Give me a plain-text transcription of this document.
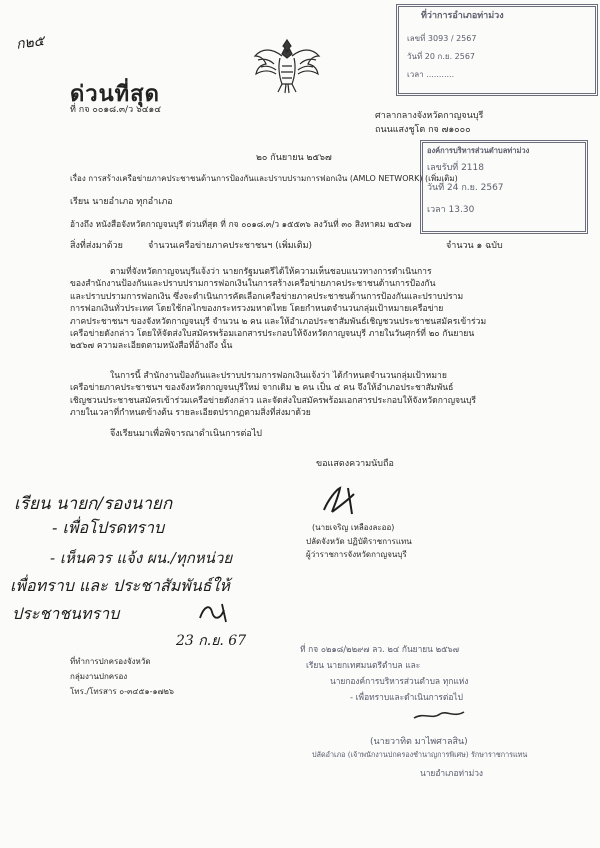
ก๒๕
ด่วนที่สุด
ที่ กจ ๐๐๑๘.๓/ว ๖๔๑๔
ที่ว่าการอำเภอท่าม่วง
เลขที่ 3093 / 2567
วันที่ 20 ก.ย. 2567
เวลา ...........
ศาลากลางจังหวัดกาญจนบุรี
ถนนแสงชูโต กจ ๗๑๐๐๐
องค์การบริหารส่วนตำบลท่าม่วง
เลขรับที่ 2118
วันที่ 24 ก.ย. 2567
เวลา 13.30
๒๐ กันยายน ๒๕๖๗
เรื่อง การสร้างเครือข่ายภาคประชาชนด้านการป้องกันและปราบปรามการฟอกเงิน (AMLO NETWORK) (เพิ่มเติม)
เรียน นายอำเภอ ทุกอำเภอ
อ้างถึง หนังสือจังหวัดกาญจนบุรี ด่วนที่สุด ที่ กจ ๐๐๑๘.๓/ว ๑๕๕๓๖ ลงวันที่ ๓๐ สิงหาคม ๒๕๖๗
สิ่งที่ส่งมาด้วย	จำนวนเครือข่ายภาคประชาชนฯ (เพิ่มเติม)	จำนวน ๑ ฉบับ
ตามที่จังหวัดกาญจนบุรีแจ้งว่า นายกรัฐมนตรีได้ให้ความเห็นชอบแนวทางการดำเนินการ
ของสำนักงานป้องกันและปราบปรามการฟอกเงินในการสร้างเครือข่ายภาคประชาชนด้านการป้องกัน
และปราบปรามการฟอกเงิน ซึ่งจะดำเนินการคัดเลือกเครือข่ายภาคประชาชนด้านการป้องกันและปราบปราม
การฟอกเงินทั่วประเทศ โดยใช้กลไกของกระทรวงมหาดไทย โดยกำหนดจำนวนกลุ่มเป้าหมายเครือข่าย
ภาคประชาชนฯ ของจังหวัดกาญจนบุรี จำนวน ๒ คน และให้อำเภอประชาสัมพันธ์เชิญชวนประชาชนสมัครเข้าร่วม
เครือข่ายดังกล่าว โดยให้จัดส่งใบสมัครพร้อมเอกสารประกอบให้จังหวัดกาญจนบุรี ภายในวันศุกร์ที่ ๒๐ กันยายน
๒๕๖๗ ความละเอียดตามหนังสือที่อ้างถึง นั้น
ในการนี้ สำนักงานป้องกันและปราบปรามการฟอกเงินแจ้งว่า ได้กำหนดจำนวนกลุ่มเป้าหมาย
เครือข่ายภาคประชาชนฯ ของจังหวัดกาญจนบุรีใหม่ จากเดิม ๒ คน เป็น ๔ คน จึงให้อำเภอประชาสัมพันธ์
เชิญชวนประชาชนสมัครเข้าร่วมเครือข่ายดังกล่าว และจัดส่งใบสมัครพร้อมเอกสารประกอบให้จังหวัดกาญจนบุรี
ภายในเวลาที่กำหนดข้างต้น รายละเอียดปรากฏตามสิ่งที่ส่งมาด้วย
จึงเรียนมาเพื่อพิจารณาดำเนินการต่อไป
ขอแสดงความนับถือ
(นายเจริญ เหลืองละออ)
ปลัดจังหวัด ปฏิบัติราชการแทน
ผู้ว่าราชการจังหวัดกาญจนบุรี
เรียน นายก/รองนายก
- เพื่อโปรดทราบ
- เห็นควร แจ้ง ผน./ทุกหน่วย
เพื่อทราบ และ ประชาสัมพันธ์ให้
ประชาชนทราบ
23 ก.ย. 67
ที่ทำการปกครองจังหวัด
กลุ่มงานปกครอง
โทร./โทรสาร ๐-๓๔๕๑-๑๗๒๖
ที่ กจ ๐๒๑๘/๒๒๙๗ ลว. ๒๔ กันยายน ๒๕๖๗
เรียน นายกเทศมนตรีตำบล และ
นายกองค์การบริหารส่วนตำบล ทุกแห่ง
- เพื่อทราบและดำเนินการต่อไป
(นายวาทิต มาไพศาลสิน)
ปลัดอำเภอ (เจ้าพนักงานปกครองชำนาญการพิเศษ) รักษาราชการแทน
นายอำเภอท่าม่วง
